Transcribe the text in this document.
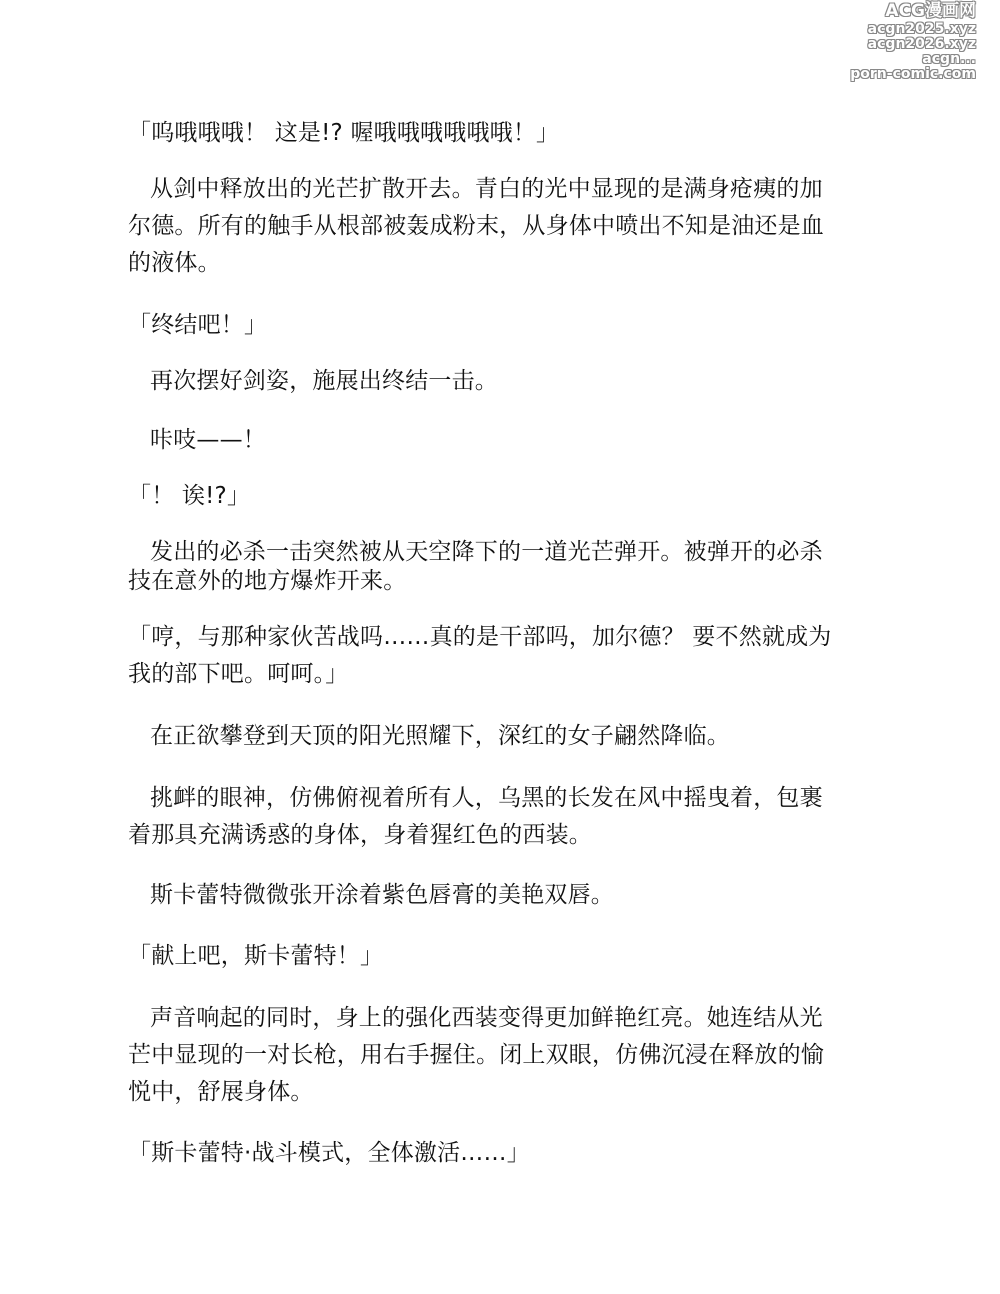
ACG漫画网
acgn2025.xyz
acgn2026.xyz
acgn...
porn-comic.com
「呜哦哦哦！ 这是!? 喔哦哦哦哦哦哦！」
从剑中释放出的光芒扩散开去。青白的光中显现的是满身疮痍的加
尔德。所有的触手从根部被轰成粉末，从身体中喷出不知是油还是血
的液体。
「终结吧！」
再次摆好剑姿，施展出终结一击。
咔吱——！
「！ 诶!?」
发出的必杀一击突然被从天空降下的一道光芒弹开。被弹开的必杀
技在意外的地方爆炸开来。
「哼，与那种家伙苦战吗……真的是干部吗，加尔德？ 要不然就成为
我的部下吧。呵呵。」
在正欲攀登到天顶的阳光照耀下，深红的女子翩然降临。
挑衅的眼神，仿佛俯视着所有人，乌黑的长发在风中摇曳着，包裹
着那具充满诱惑的身体，身着猩红色的西装。
斯卡蕾特微微张开涂着紫色唇膏的美艳双唇。
「献上吧，斯卡蕾特！」
声音响起的同时，身上的强化西装变得更加鲜艳红亮。她连结从光
芒中显现的一对长枪，用右手握住。闭上双眼，仿佛沉浸在释放的愉
悦中，舒展身体。
「斯卡蕾特·战斗模式，全体激活……」
